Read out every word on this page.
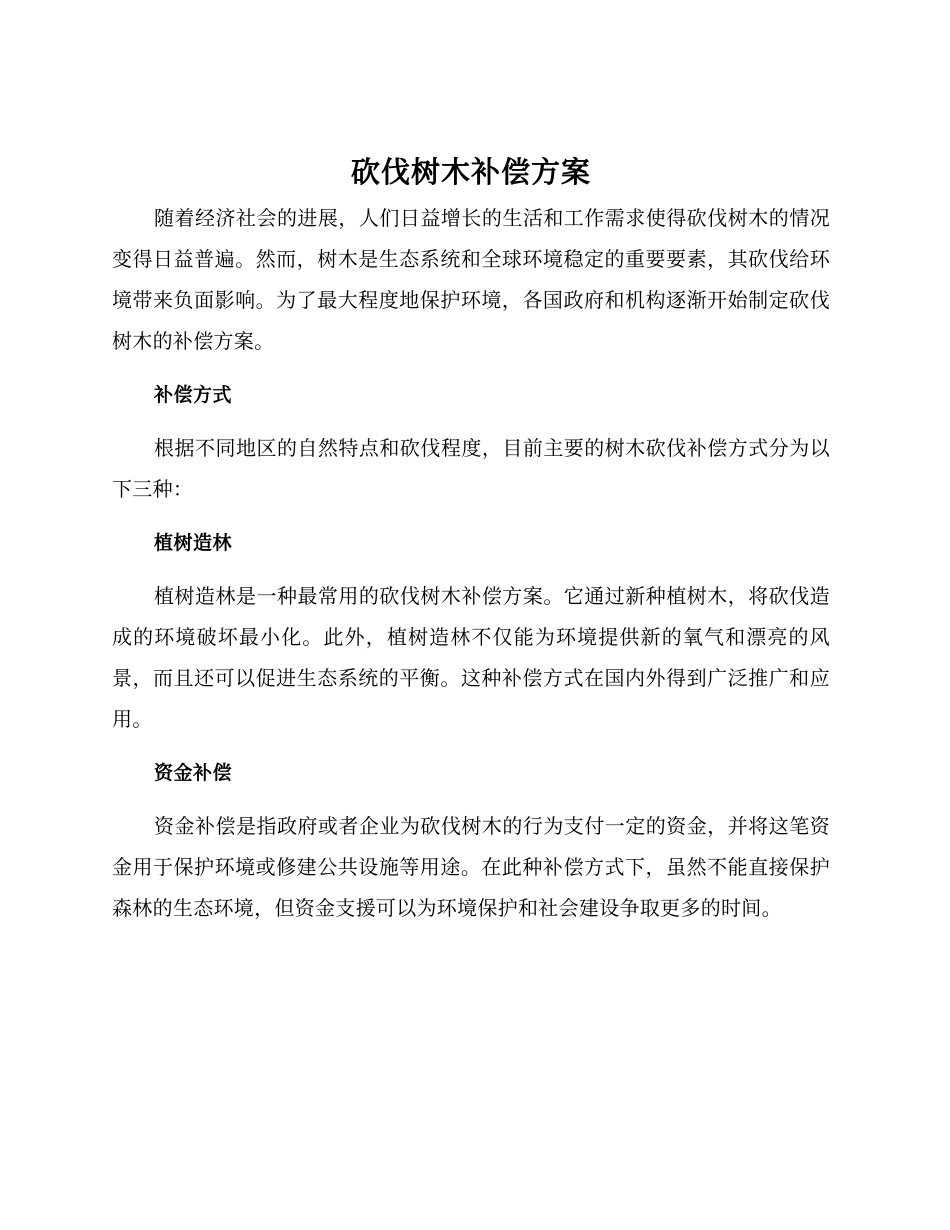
砍伐树木补偿方案

随着经济社会的进展，人们日益增长的生活和工作需求使得砍伐树木的情况变得日益普遍。然而，树木是生态系统和全球环境稳定的重要要素，其砍伐给环境带来负面影响。为了最大程度地保护环境，各国政府和机构逐渐开始制定砍伐树木的补偿方案。

补偿方式

根据不同地区的自然特点和砍伐程度，目前主要的树木砍伐补偿方式分为以下三种：

植树造林

植树造林是一种最常用的砍伐树木补偿方案。它通过新种植树木，将砍伐造成的环境破坏最小化。此外，植树造林不仅能为环境提供新的氧气和漂亮的风景，而且还可以促进生态系统的平衡。这种补偿方式在国内外得到广泛推广和应用。

资金补偿

资金补偿是指政府或者企业为砍伐树木的行为支付一定的资金，并将这笔资金用于保护环境或修建公共设施等用途。在此种补偿方式下，虽然不能直接保护森林的生态环境，但资金支援可以为环境保护和社会建设争取更多的时间。
